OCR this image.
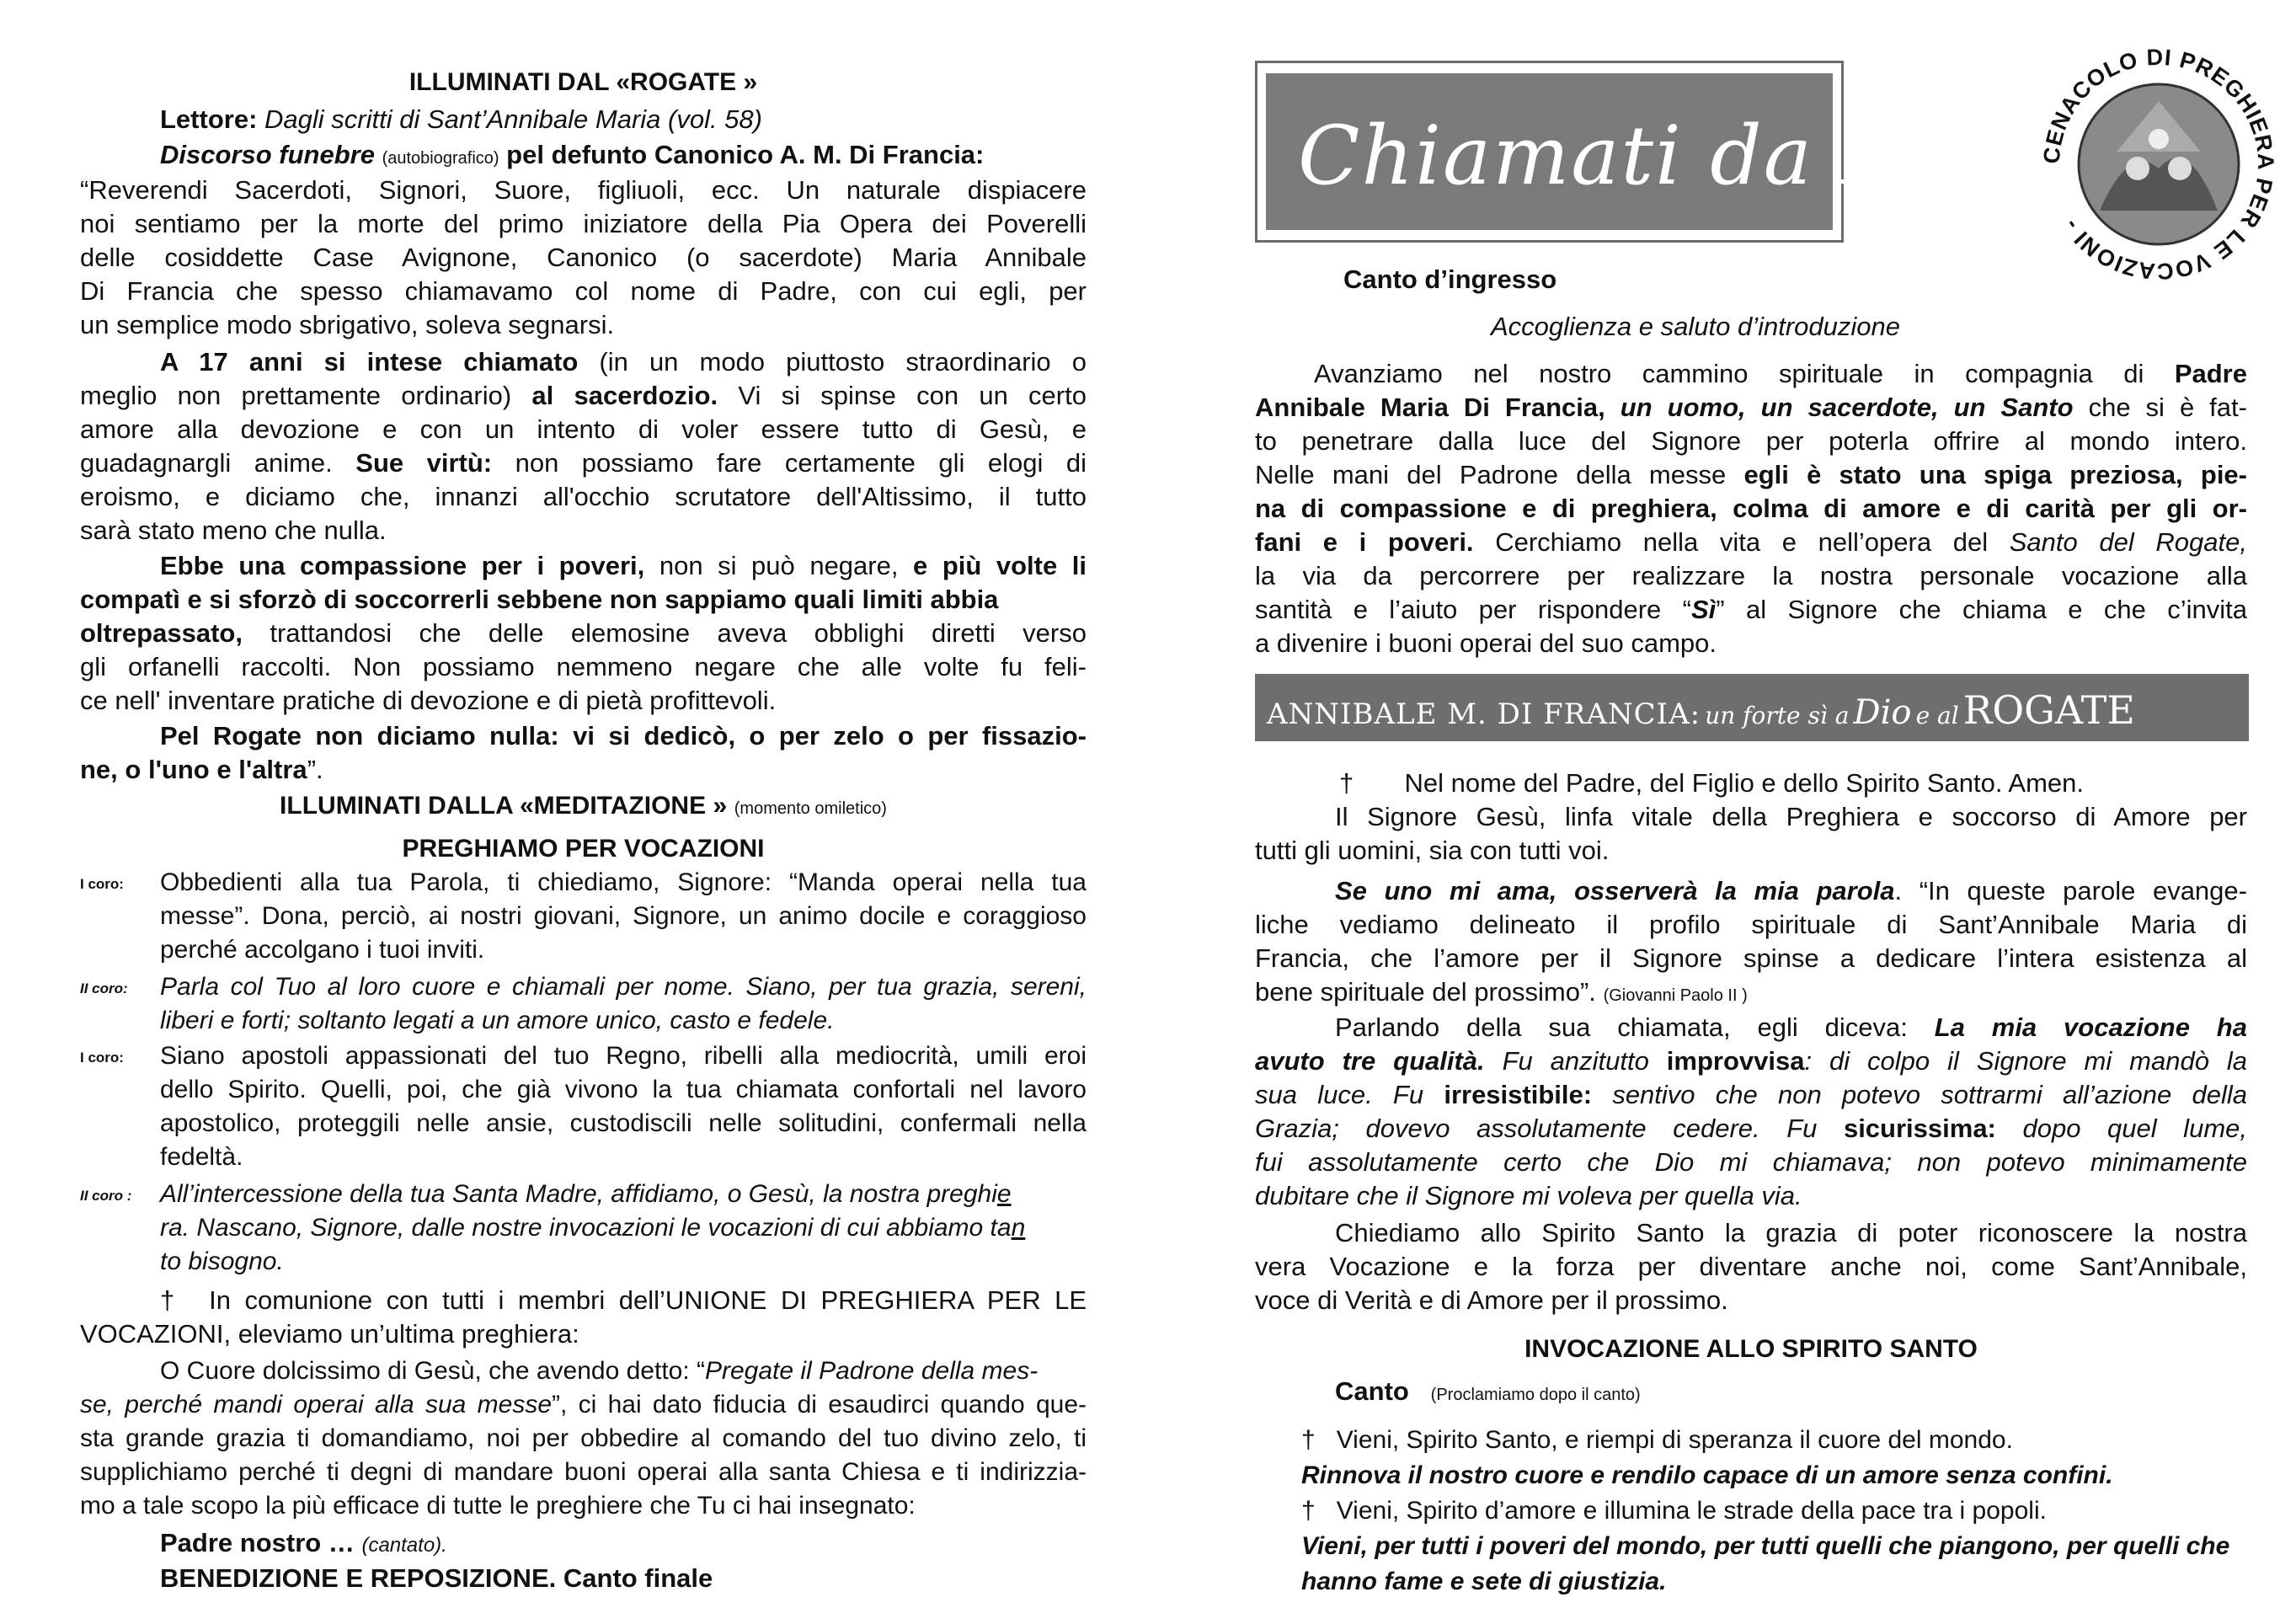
ILLUMINATI DAL «ROGATE »
Lettore: Dagli scritti di Sant’Annibale Maria (vol. 58)
Discorso funebre (autobiografico) pel defunto Canonico A. M. Di Francia:
“Reverendi Sacerdoti, Signori, Suore, figliuoli, ecc. Un naturale dispiacere
noi sentiamo per la morte del primo iniziatore della Pia Opera dei Poverelli
delle cosiddette Case Avignone, Canonico (o sacerdote) Maria Annibale
Di Francia che spesso chiamavamo col nome di Padre, con cui egli, per
un semplice modo sbrigativo, soleva segnarsi.
A 17 anni si intese chiamato (in un modo piuttosto straordinario o
meglio non prettamente ordinario) al sacerdozio. Vi si spinse con un certo
amore alla devozione e con un intento di voler essere tutto di Gesù, e
guadagnargli anime. Sue virtù: non possiamo fare certamente gli elogi di
eroismo, e diciamo che, innanzi all'occhio scrutatore dell'Altissimo, il tutto
sarà stato meno che nulla.
Ebbe una compassione per i poveri, non si può negare, e più volte li
compatì e si sforzò di soccorrerli sebbene non sappiamo quali limiti abbia
oltrepassato, trattandosi che delle elemosine aveva obblighi diretti verso
gli orfanelli raccolti. Non possiamo nemmeno negare che alle volte fu feli-
ce nell' inventare pratiche di devozione e di pietà profittevoli.
Pel Rogate non diciamo nulla: vi si dedicò, o per zelo o per fissazio-
ne, o l'uno e l'altra”.
ILLUMINATI DALLA «MEDITAZIONE » (momento omiletico)
PREGHIAMO PER VOCAZIONI
I coro: Obbedienti alla tua Parola, ti chiediamo, Signore: “Manda operai nella tua
messe”. Dona, perciò, ai nostri giovani, Signore, un animo docile e coraggioso
perché accolgano i tuoi inviti.
II coro: Parla col Tuo al loro cuore e chiamali per nome. Siano, per tua grazia, sereni,
liberi e forti; soltanto legati a un amore unico, casto e fedele.
I coro: Siano apostoli appassionati del tuo Regno, ribelli alla mediocrità, umili eroi
dello Spirito. Quelli, poi, che già vivono la tua chiamata confortali nel lavoro
apostolico, proteggili nelle ansie, custodiscili nelle solitudini, confermali nella
fedeltà.
II coro : All’intercessione della tua Santa Madre, affidiamo, o Gesù, la nostra preghie
ra. Nascano, Signore, dalle nostre invocazioni le vocazioni di cui abbiamo tan
to bisogno.
† In comunione con tutti i membri dell’UNIONE DI PREGHIERA PER LE
VOCAZIONI, eleviamo un’ultima preghiera:
O Cuore dolcissimo di Gesù, che avendo detto: “Pregate il Padrone della mes-
se, perché mandi operai alla sua messe”, ci hai dato fiducia di esaudirci quando que-
sta grande grazia ti domandiamo, noi per obbedire al comando del tuo divino zelo, ti
supplichiamo perché ti degni di mandare buoni operai alla santa Chiesa e ti indirizzia-
mo a tale scopo la più efficace di tutte le preghiere che Tu ci hai insegnato:
Padre nostro … (cantato).
BENEDIZIONE E REPOSIZIONE. Canto finale
Chiamati da Dio! CENACOLO DI PREGHIERA PER LE VOCAZIONI -
Canto d’ingresso
Accoglienza e saluto d’introduzione
Avanziamo nel nostro cammino spirituale in compagnia di Padre
Annibale Maria Di Francia, un uomo, un sacerdote, un Santo che si è fat-
to penetrare dalla luce del Signore per poterla offrire al mondo intero.
Nelle mani del Padrone della messe egli è stato una spiga preziosa, pie-
na di compassione e di preghiera, colma di amore e di carità per gli or-
fani e i poveri. Cerchiamo nella vita e nell’opera del Santo del Rogate,
la via da percorrere per realizzare la nostra personale vocazione alla
santità e l’aiuto per rispondere “Sì” al Signore che chiama e che c’invita
a divenire i buoni operai del suo campo.
ANNIBALE M. DI FRANCIA: un forte sì a Dio e al ROGATE
† Nel nome del Padre, del Figlio e dello Spirito Santo. Amen.
Il Signore Gesù, linfa vitale della Preghiera e soccorso di Amore per
tutti gli uomini, sia con tutti voi.
Se uno mi ama, osserverà la mia parola. “In queste parole evange-
liche vediamo delineato il profilo spirituale di Sant’Annibale Maria di
Francia, che l’amore per il Signore spinse a dedicare l’intera esistenza al
bene spirituale del prossimo”. (Giovanni Paolo II )
Parlando della sua chiamata, egli diceva: La mia vocazione ha
avuto tre qualità. Fu anzitutto improvvisa: di colpo il Signore mi mandò la
sua luce. Fu irresistibile: sentivo che non potevo sottrarmi all’azione della
Grazia; dovevo assolutamente cedere. Fu sicurissima: dopo quel lume,
fui assolutamente certo che Dio mi chiamava; non potevo minimamente
dubitare che il Signore mi voleva per quella via.
Chiediamo allo Spirito Santo la grazia di poter riconoscere la nostra
vera Vocazione e la forza per diventare anche noi, come Sant’Annibale,
voce di Verità e di Amore per il prossimo.
INVOCAZIONE ALLO SPIRITO SANTO
Canto (Proclamiamo dopo il canto)
† Vieni, Spirito Santo, e riempi di speranza il cuore del mondo.
Rinnova il nostro cuore e rendilo capace di un amore senza confini.
† Vieni, Spirito d’amore e illumina le strade della pace tra i popoli.
Vieni, per tutti i poveri del mondo, per tutti quelli che piangono, per quelli che
hanno fame e sete di giustizia.
